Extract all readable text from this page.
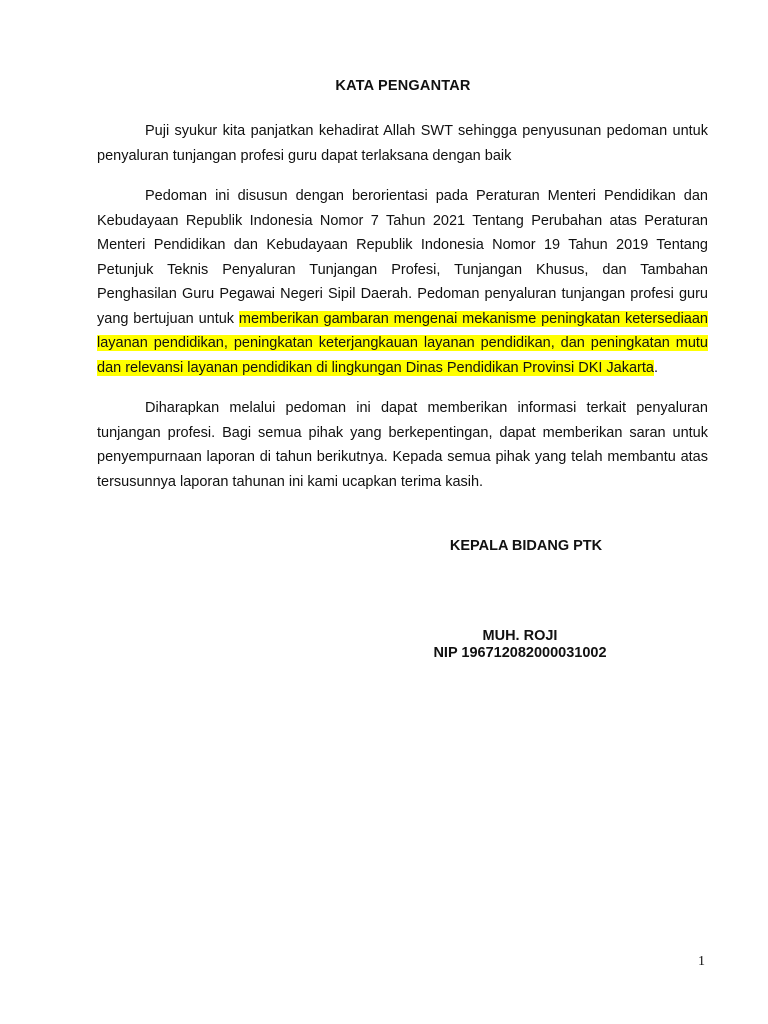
KATA PENGANTAR

Puji syukur kita panjatkan kehadirat Allah SWT sehingga penyusunan pedoman untuk penyaluran tunjangan profesi guru dapat terlaksana dengan baik

Pedoman ini disusun dengan berorientasi pada Peraturan Menteri Pendidikan dan Kebudayaan Republik Indonesia Nomor 7 Tahun 2021 Tentang Perubahan atas Peraturan Menteri Pendidikan dan Kebudayaan Republik Indonesia Nomor 19 Tahun 2019 Tentang Petunjuk Teknis Penyaluran Tunjangan Profesi, Tunjangan Khusus, dan Tambahan Penghasilan Guru Pegawai Negeri Sipil Daerah. Pedoman penyaluran tunjangan profesi guru yang bertujuan untuk memberikan gambaran mengenai mekanisme peningkatan ketersediaan layanan pendidikan, peningkatan keterjangkauan layanan pendidikan, dan peningkatan mutu dan relevansi layanan pendidikan di lingkungan Dinas Pendidikan Provinsi DKI Jakarta.

Diharapkan melalui pedoman ini dapat memberikan informasi terkait penyaluran tunjangan profesi. Bagi semua pihak yang berkepentingan, dapat memberikan saran untuk penyempurnaan laporan di tahun berikutnya. Kepada semua pihak yang telah membantu atas tersusunnya laporan tahunan ini kami ucapkan terima kasih.

KEPALA BIDANG PTK
MUH. ROJI
NIP 196712082000031002
1
